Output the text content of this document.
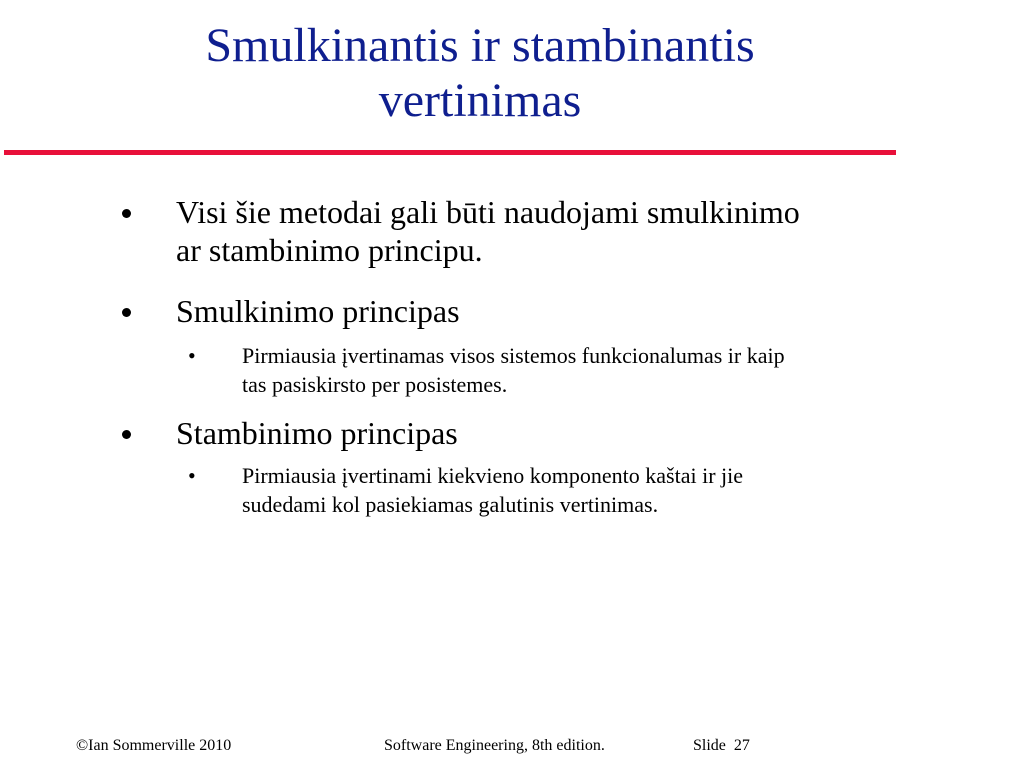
Smulkinantis ir stambinantis
vertinimas
Visi šie metodai gali būti naudojami smulkinimo
ar stambinimo principu.
Smulkinimo principas
• Pirmiausia įvertinamas visos sistemos funkcionalumas ir kaip
tas pasiskirsto per posistemes.
Stambinimo principas
• Pirmiausia įvertinami kiekvieno komponento kaštai ir jie
sudedami kol pasiekiamas galutinis vertinimas.
©Ian Sommerville 2010	Software Engineering, 8th edition.	Slide 27
